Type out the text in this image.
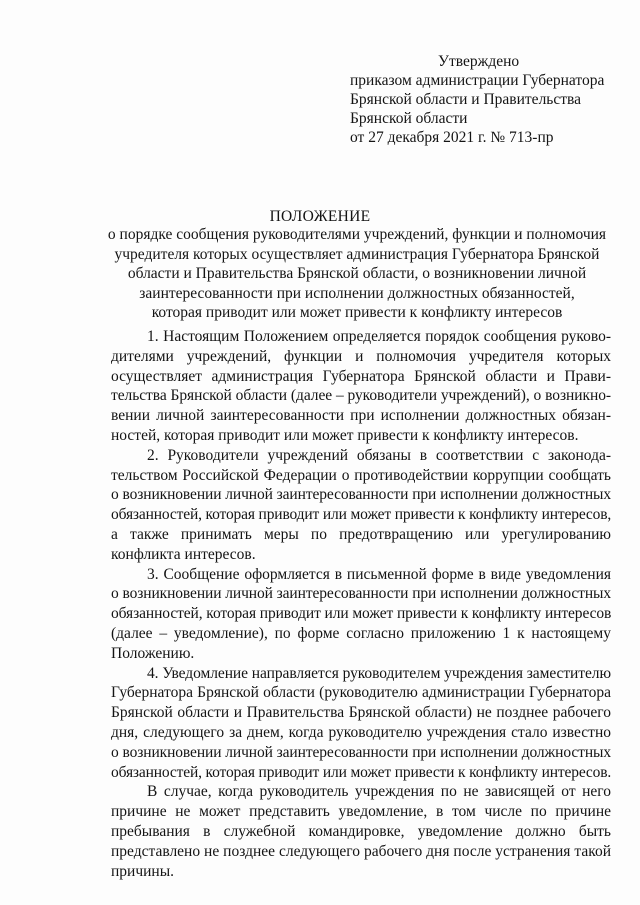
Утверждено
приказом администрации Губернатора
Брянской области и Правительства
Брянской области
от 27 декабря 2021 г. № 713-пр
ПОЛОЖЕНИЕ
о порядке сообщения руководителями учреждений, функции и полномочия
учредителя которых осуществляет администрация Губернатора Брянской
области и Правительства Брянской области, о возникновении личной
заинтересованности при исполнении должностных обязанностей,
которая приводит или может привести к конфликту интересов
1. Настоящим Положением определяется порядок сообщения руково-
дителями учреждений, функции и полномочия учредителя которых
осуществляет администрация Губернатора Брянской области и Прави-
тельства Брянской области (далее – руководители учреждений), о возникно-
вении личной заинтересованности при исполнении должностных обязан-
ностей, которая приводит или может привести к конфликту интересов.
2. Руководители учреждений обязаны в соответствии с законода-
тельством Российской Федерации о противодействии коррупции сообщать
о возникновении личной заинтересованности при исполнении должностных
обязанностей, которая приводит или может привести к конфликту интересов,
а также принимать меры по предотвращению или урегулированию
конфликта интересов.
3. Сообщение оформляется в письменной форме в виде уведомления
о возникновении личной заинтересованности при исполнении должностных
обязанностей, которая приводит или может привести к конфликту интересов
(далее – уведомление), по форме согласно приложению 1 к настоящему
Положению.
4. Уведомление направляется руководителем учреждения заместителю
Губернатора Брянской области (руководителю администрации Губернатора
Брянской области и Правительства Брянской области) не позднее рабочего
дня, следующего за днем, когда руководителю учреждения стало известно
о возникновении личной заинтересованности при исполнении должностных
обязанностей, которая приводит или может привести к конфликту интересов.
В случае, когда руководитель учреждения по не зависящей от него
причине не может представить уведомление, в том числе по причине
пребывания в служебной командировке, уведомление должно быть
представлено не позднее следующего рабочего дня после устранения такой
причины.
